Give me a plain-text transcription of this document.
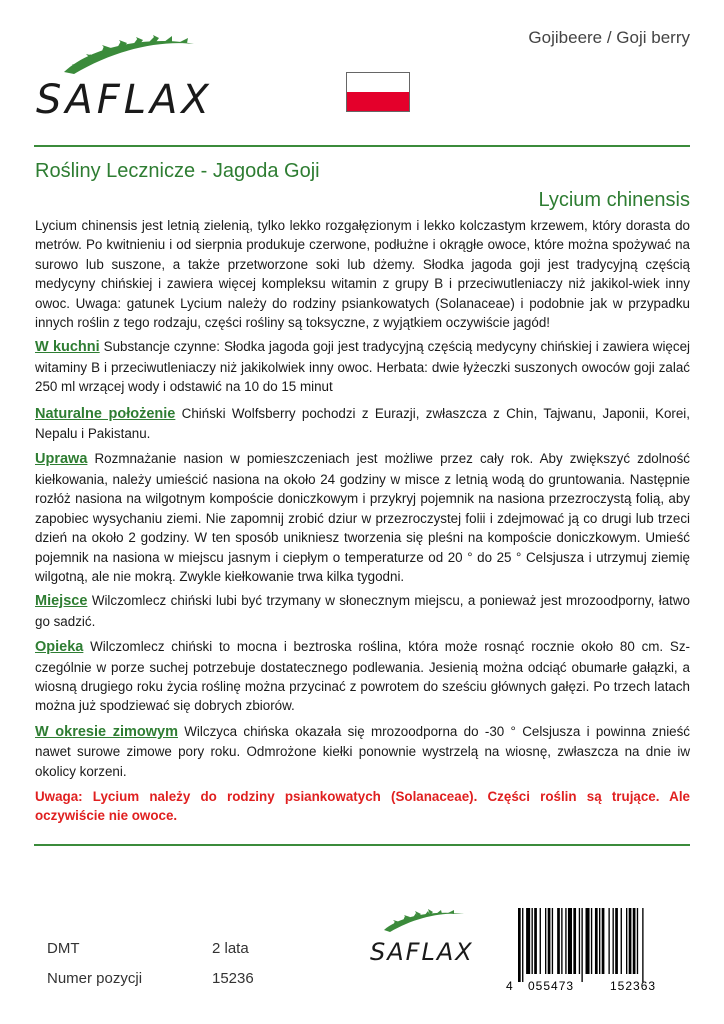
Gojibeere / Goji berry
SAFLAX
Rośliny Lecznicze - Jagoda Goji
Lycium chinensis

Lycium chinensis jest letnią zielenią, tylko lekko rozgałęzionym i lekko kolczastym krzewem, który dorasta do metrów. Po kwitnieniu i od sierpnia produkuje czerwone, podłużne i okrągłe owoce, które można spożywać na surowo lub suszone, a także przetworzone soki lub dżemy. Słodka jagoda goji jest tradycyjną częścią medycyny chińskiej i zawiera więcej kompleksu witamin z grupy B i przeciwutleniaczy niż jakikol-wiek inny owoc. Uwaga: gatunek Lycium należy do rodziny psiankowatych (Solanaceae) i podobnie jak w przypadku innych roślin z tego rodzaju, części rośliny są toksyczne, z wyjątkiem oczywiście jagód!

W kuchni Substancje czynne: Słodka jagoda goji jest tradycyjną częścią medycyny chińskiej i zawiera więcej witaminy B i przeciwutleniaczy niż jakikolwiek inny owoc. Herbata: dwie łyżeczki suszonych owoców goji zalać 250 ml wrzącej wody i odstawić na 10 do 15 minut

Naturalne położenie Chiński Wolfsberry pochodzi z Eurazji, zwłaszcza z Chin, Tajwanu, Japonii, Korei, Nepalu i Pakistanu.

Uprawa Rozmnażanie nasion w pomieszczeniach jest możliwe przez cały rok. Aby zwiększyć zdolność kiełkowania, należy umieścić nasiona na około 24 godziny w misce z letnią wodą do gruntowania. Następnie rozłóż nasiona na wilgotnym kompoście doniczkowym i przykryj pojemnik na nasiona przezroczystą folią, aby zapobiec wysychaniu ziemi. Nie zapomnij zrobić dziur w przezroczystej folii i zdejmować ją co drugi lub trzeci dzień na około 2 godziny. W ten sposób unikniesz tworzenia się pleśni na kompoście doniczkowym. Umieść pojemnik na nasiona w miejscu jasnym i ciepłym o temperaturze od 20 ° do 25 ° Celsjusza i utrzymuj ziemię wilgotną, ale nie mokrą. Zwykle kiełkowanie trwa kilka tygodni.

Miejsce Wilczomlecz chiński lubi być trzymany w słonecznym miejscu, a ponieważ jest mrozoodporny, łatwo go sadzić.

Opieka Wilczomlecz chiński to mocna i beztroska roślina, która może rosnąć rocznie około 80 cm. Sz-czególnie w porze suchej potrzebuje dostatecznego podlewania. Jesienią można odciąć obumarłe gałązki, a wiosną drugiego roku życia roślinę można przycinać z powrotem do sześciu głównych gałęzi. Po trzech latach można już spodziewać się dobrych zbiorów.

W okresie zimowym Wilczyca chińska okazała się mrozoodporna do -30 ° Celsjusza i powinna znieść nawet surowe zimowe pory roku. Odmrożone kiełki ponownie wystrzelą na wiosnę, zwłaszcza na dnie iw okolicy korzeni.

Uwaga: Lycium należy do rodziny psiankowatych (Solanaceae). Części roślin są trujące. Ale oczywiście nie owoce.

DMT	2 lata
Numer pozycji	15236
SAFLAX
4 055473	152363
